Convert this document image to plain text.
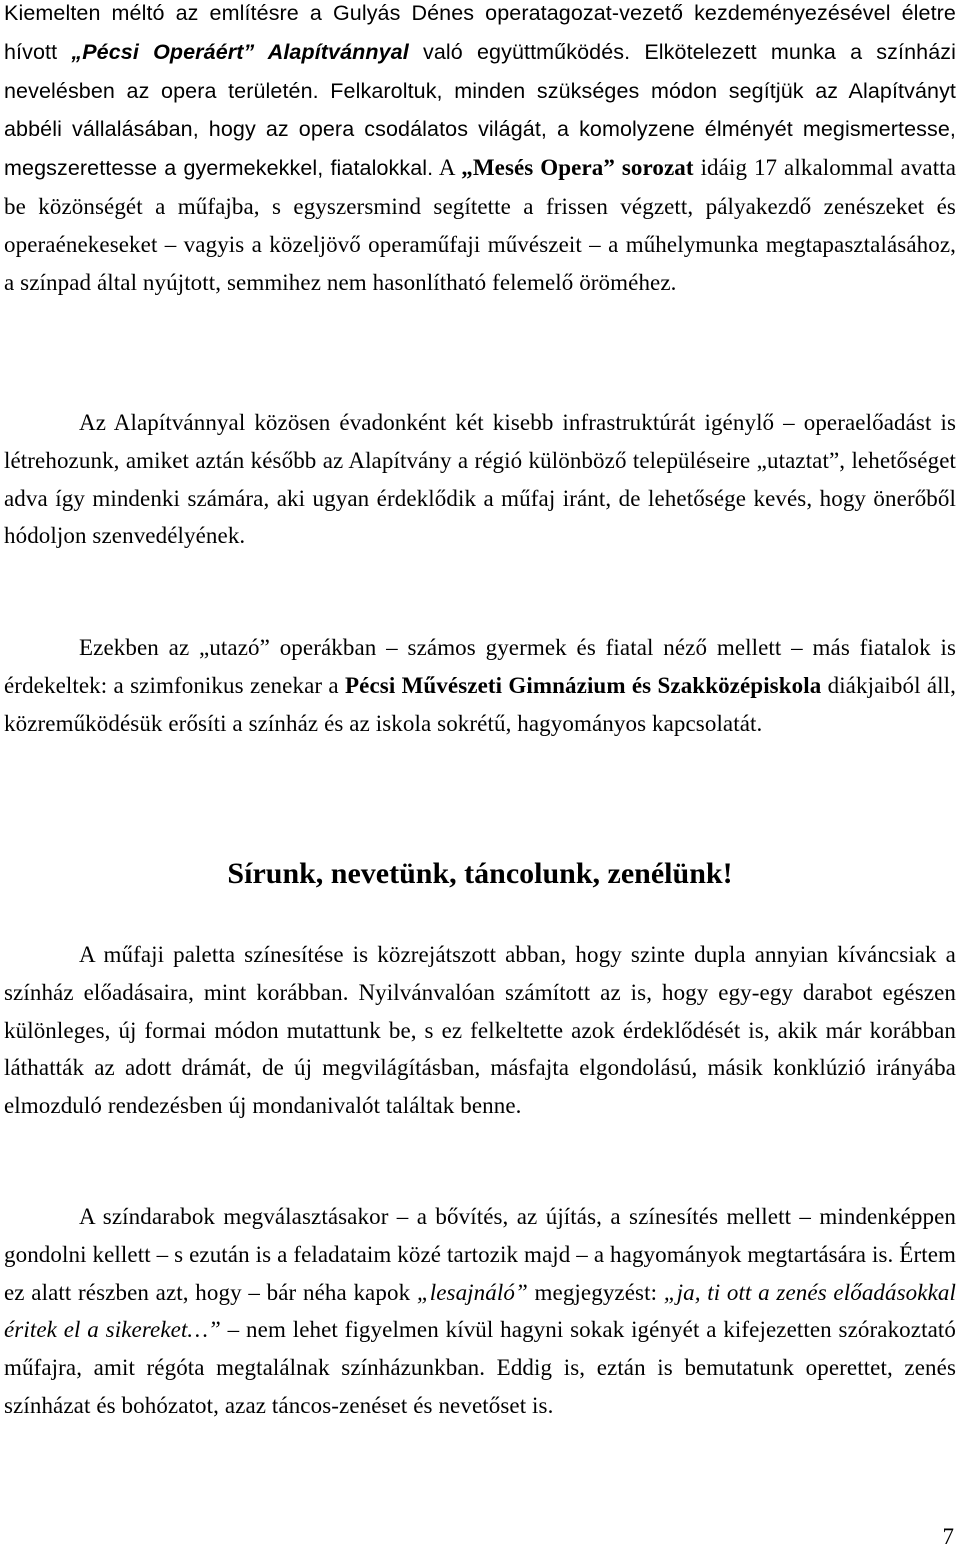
Kiemelten méltó az említésre a Gulyás Dénes operatagozat-vezető kezdeményezésével életre hívott „Pécsi Operáért” Alapítvánnyal való együttműködés. Elkötelezett munka a színházi nevelésben az opera területén. Felkaroltuk, minden szükséges módon segítjük az Alapítványt abbéli vállalásában, hogy az opera csodálatos világát, a komolyzene élményét megismertesse, megszerettesse a gyermekekkel, fiatalokkal. A „Mesés Opera” sorozat idáig 17 alkalommal avatta be közönségét a műfajba, s egyszersmind segítette a frissen végzett, pályakezdő zenészeket és operaénekeseket – vagyis a közeljövő operaműfaji művészeit – a műhelymunka megtapasztalásához, a színpad által nyújtott, semmihez nem hasonlítható felemelő öröméhez.

Az Alapítvánnyal közösen évadonként két kisebb infrastruktúrát igénylő – operaelőadást is létrehozunk, amiket aztán később az Alapítvány a régió különböző településeire „utaztat”, lehetőséget adva így mindenki számára, aki ugyan érdeklődik a műfaj iránt, de lehetősége kevés, hogy önerőből hódoljon szenvedélyének.

Ezekben az „utazó” operákban – számos gyermek és fiatal néző mellett – más fiatalok is érdekeltek: a szimfonikus zenekar a Pécsi Művészeti Gimnázium és Szakközépiskola diákjaiból áll, közreműködésük erősíti a színház és az iskola sokrétű, hagyományos kapcsolatát.

Sírunk, nevetünk, táncolunk, zenélünk!

A műfaji paletta színesítése is közrejátszott abban, hogy szinte dupla annyian kíváncsiak a színház előadásaira, mint korábban. Nyilvánvalóan számított az is, hogy egy-egy darabot egészen különleges, új formai módon mutattunk be, s ez felkeltette azok érdeklődését is, akik már korábban láthatták az adott drámát, de új megvilágításban, másfajta elgondolású, másik konklúzió irányába elmozduló rendezésben új mondanivalót találtak benne.

A színdarabok megválasztásakor – a bővítés, az újítás, a színesítés mellett – mindenképpen gondolni kellett – s ezután is a feladataim közé tartozik majd – a hagyományok megtartására is. Értem ez alatt részben azt, hogy – bár néha kapok „lesajnáló” megjegyzést: „ja, ti ott a zenés előadásokkal éritek el a sikereket…” – nem lehet figyelmen kívül hagyni sokak igényét a kifejezetten szórakoztató műfajra, amit régóta megtalálnak színházunkban. Eddig is, eztán is bemutatunk operettet, zenés színházat és bohózatot, azaz táncos-zenéset és nevetőset is.

7
